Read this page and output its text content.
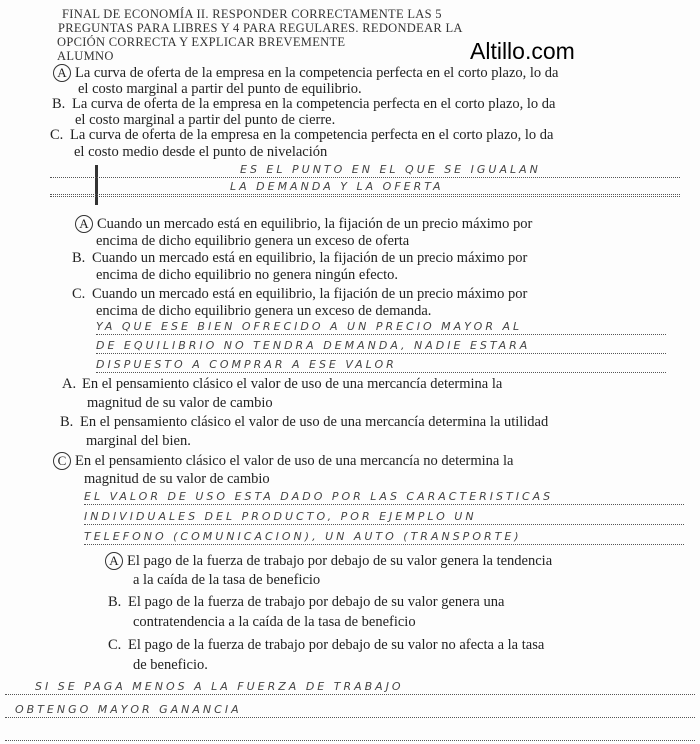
FINAL DE ECONOMÍA II. RESPONDER CORRECTAMENTE LAS 5
PREGUNTAS PARA LIBRES Y 4 PARA REGULARES. REDONDEAR LA
OPCIÓN CORRECTA Y EXPLICAR BREVEMENTE
ALUMNO	Altillo.com
A La curva de oferta de la empresa en la competencia perfecta en el corto plazo, lo da
el costo marginal a partir del punto de equilibrio.
B. La curva de oferta de la empresa en la competencia perfecta en el corto plazo, lo da
el costo marginal a partir del punto de cierre.
C. La curva de oferta de la empresa en la competencia perfecta en el corto plazo, lo da
el costo medio desde el punto de nivelación
ES EL PUNTO EN EL QUE SE IGUALAN
LA DEMANDA Y LA OFERTA
A Cuando un mercado está en equilibrio, la fijación de un precio máximo por
encima de dicho equilibrio genera un exceso de oferta
B. Cuando un mercado está en equilibrio, la fijación de un precio máximo por
encima de dicho equilibrio no genera ningún efecto.
C. Cuando un mercado está en equilibrio, la fijación de un precio máximo por
encima de dicho equilibrio genera un exceso de demanda.
YA QUE ESE BIEN OFRECIDO A UN PRECIO MAYOR AL
DE EQUILIBRIO NO TENDRA DEMANDA, NADIE ESTARA
DISPUESTO A COMPRAR A ESE VALOR
A. En el pensamiento clásico el valor de uso de una mercancía determina la
magnitud de su valor de cambio
B. En el pensamiento clásico el valor de uso de una mercancía determina la utilidad
marginal del bien.
C En el pensamiento clásico el valor de uso de una mercancía no determina la
magnitud de su valor de cambio
EL VALOR DE USO ESTA DADO POR LAS CARACTERISTICAS
INDIVIDUALES DEL PRODUCTO, POR EJEMPLO UN
TELEFONO (COMUNICACION), UN AUTO (TRANSPORTE)
A El pago de la fuerza de trabajo por debajo de su valor genera la tendencia
a la caída de la tasa de beneficio
B. El pago de la fuerza de trabajo por debajo de su valor genera una
contratendencia a la caída de la tasa de beneficio
C. El pago de la fuerza de trabajo por debajo de su valor no afecta a la tasa
de beneficio.
SI SE PAGA MENOS A LA FUERZA DE TRABAJO
OBTENGO MAYOR GANANCIA
